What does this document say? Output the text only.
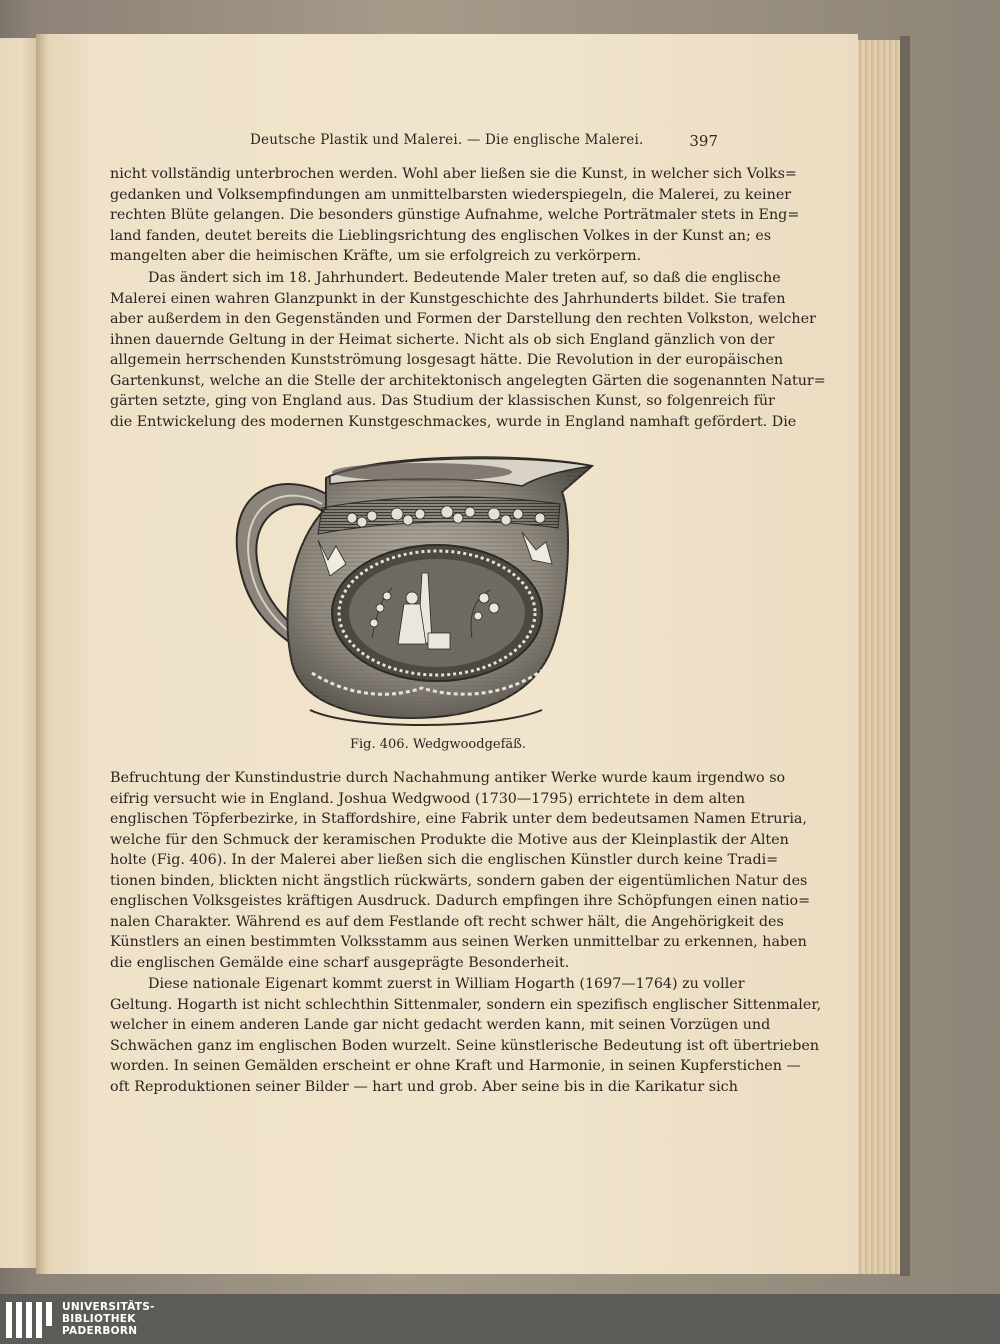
Deutsche Plastik und Malerei. — Die englische Malerei.	397

nicht vollständig unterbrochen werden. Wohl aber ließen sie die Kunst, in welcher sich Volks=
gedanken und Volksempfindungen am unmittelbarsten wiederspiegeln, die Malerei, zu keiner
rechten Blüte gelangen. Die besonders günstige Aufnahme, welche Porträtmaler stets in Eng=
land fanden, deutet bereits die Lieblingsrichtung des englischen Volkes in der Kunst an; es
mangelten aber die heimischen Kräfte, um sie erfolgreich zu verkörpern.

Das ändert sich im 18. Jahrhundert. Bedeutende Maler treten auf, so daß die englische
Malerei einen wahren Glanzpunkt in der Kunstgeschichte des Jahrhunderts bildet. Sie trafen
aber außerdem in den Gegenständen und Formen der Darstellung den rechten Volkston, welcher
ihnen dauernde Geltung in der Heimat sicherte. Nicht als ob sich England gänzlich von der
allgemein herrschenden Kunstströmung losgesagt hätte. Die Revolution in der europäischen
Gartenkunst, welche an die Stelle der architektonisch angelegten Gärten die sogenannten Natur=
gärten setzte, ging von England aus. Das Studium der klassischen Kunst, so folgenreich für
die Entwickelung des modernen Kunstgeschmackes, wurde in England namhaft gefördert. Die

Fig. 406. Wedgwoodgefäß.

Befruchtung der Kunstindustrie durch Nachahmung antiker Werke wurde kaum irgendwo so
eifrig versucht wie in England. Joshua Wedgwood (1730—1795) errichtete in dem alten
englischen Töpferbezirke, in Staffordshire, eine Fabrik unter dem bedeutsamen Namen Etruria,
welche für den Schmuck der keramischen Produkte die Motive aus der Kleinplastik der Alten
holte (Fig. 406). In der Malerei aber ließen sich die englischen Künstler durch keine Tradi=
tionen binden, blickten nicht ängstlich rückwärts, sondern gaben der eigentümlichen Natur des
englischen Volksgeistes kräftigen Ausdruck. Dadurch empfingen ihre Schöpfungen einen natio=
nalen Charakter. Während es auf dem Festlande oft recht schwer hält, die Angehörigkeit des
Künstlers an einen bestimmten Volksstamm aus seinen Werken unmittelbar zu erkennen, haben
die englischen Gemälde eine scharf ausgeprägte Besonderheit.

Diese nationale Eigenart kommt zuerst in William Hogarth (1697—1764) zu voller
Geltung. Hogarth ist nicht schlechthin Sittenmaler, sondern ein spezifisch englischer Sittenmaler,
welcher in einem anderen Lande gar nicht gedacht werden kann, mit seinen Vorzügen und
Schwächen ganz im englischen Boden wurzelt. Seine künstlerische Bedeutung ist oft übertrieben
worden. In seinen Gemälden erscheint er ohne Kraft und Harmonie, in seinen Kupferstichen —
oft Reproduktionen seiner Bilder — hart und grob. Aber seine bis in die Karikatur sich

UNIVERSITÄTS-
BIBLIOTHEK
PADERBORN
